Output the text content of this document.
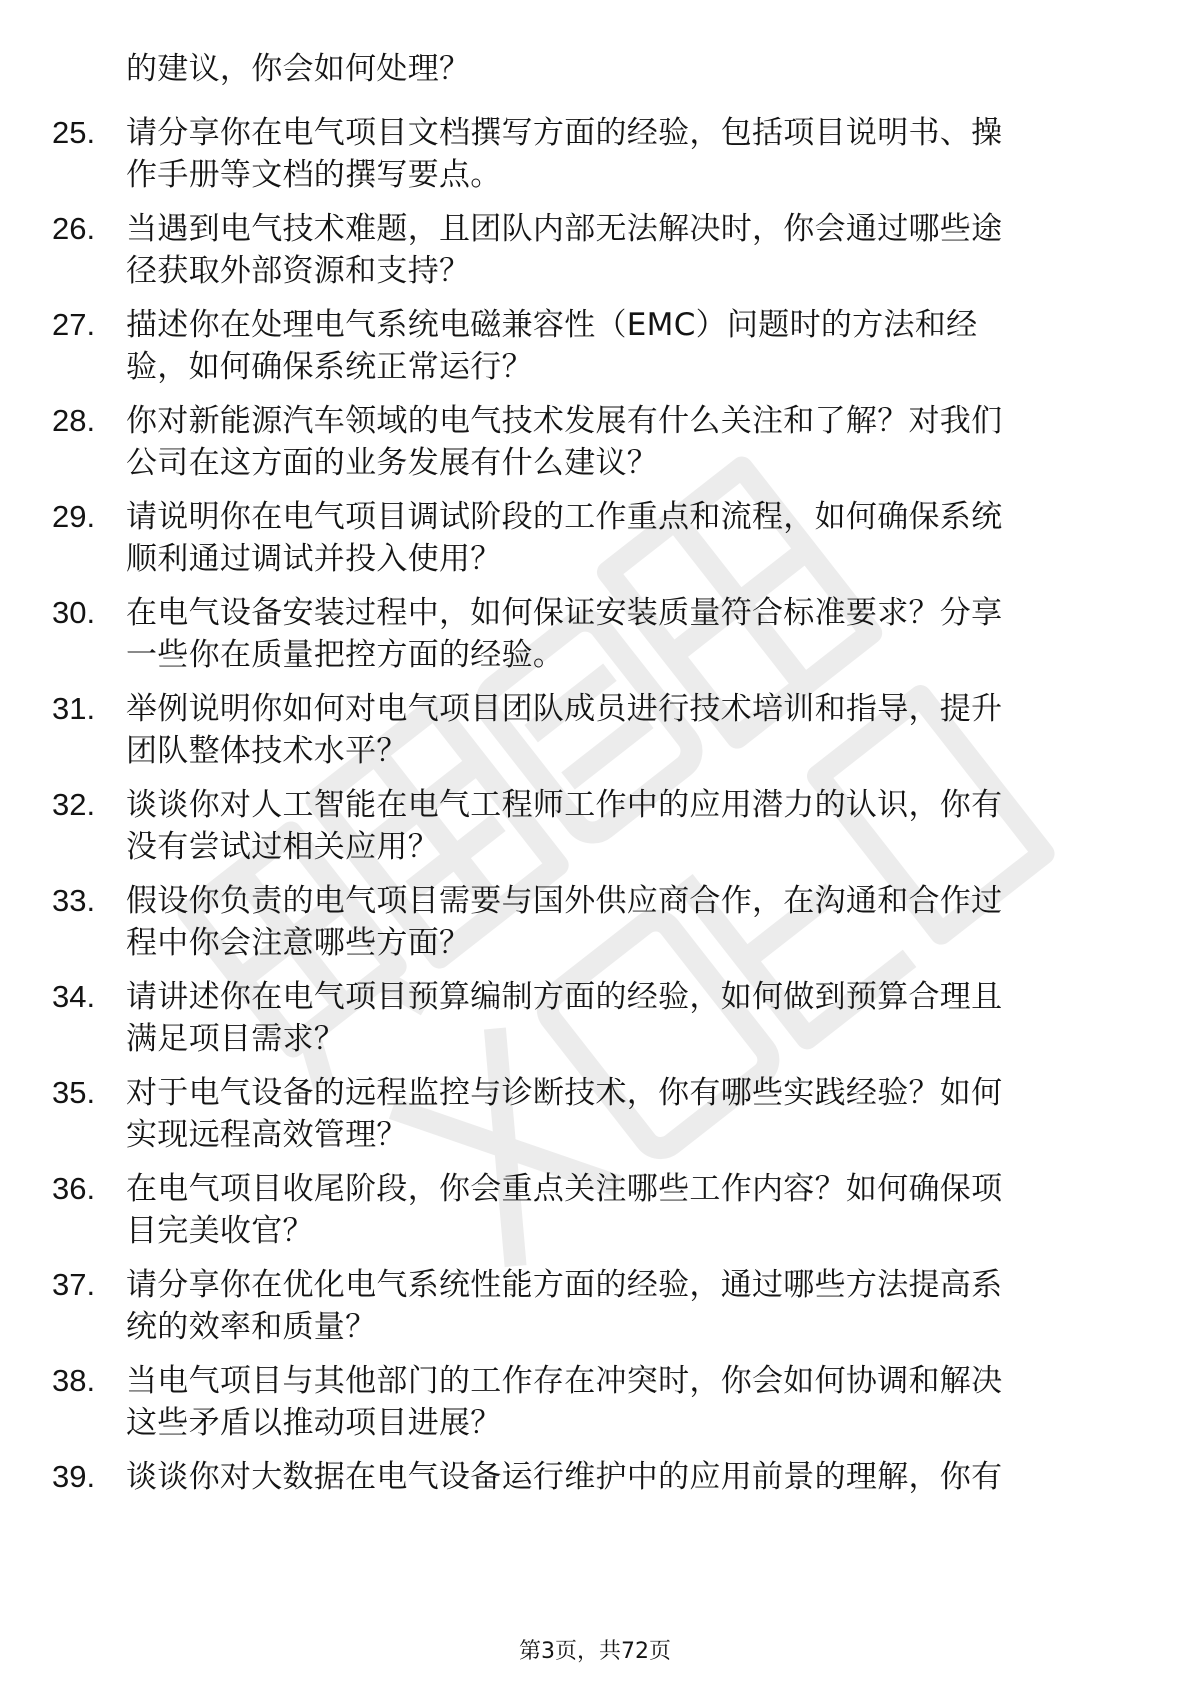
的建议，你会如何处理？
25. 请分享你在电气项目文档撰写方面的经验，包括项目说明书、操
作手册等文档的撰写要点。
26. 当遇到电气技术难题，且团队内部无法解决时，你会通过哪些途
径获取外部资源和支持？
27. 描述你在处理电气系统电磁兼容性（EMC）问题时的方法和经
验，如何确保系统正常运行？
28. 你对新能源汽车领域的电气技术发展有什么关注和了解？对我们
公司在这方面的业务发展有什么建议？
29. 请说明你在电气项目调试阶段的工作重点和流程，如何确保系统
顺利通过调试并投入使用？
30. 在电气设备安装过程中，如何保证安装质量符合标准要求？分享
一些你在质量把控方面的经验。
31. 举例说明你如何对电气项目团队成员进行技术培训和指导，提升
团队整体技术水平？
32. 谈谈你对人工智能在电气工程师工作中的应用潜力的认识，你有
没有尝试过相关应用？
33. 假设你负责的电气项目需要与国外供应商合作，在沟通和合作过
程中你会注意哪些方面？
34. 请讲述你在电气项目预算编制方面的经验，如何做到预算合理且
满足项目需求？
35. 对于电气设备的远程监控与诊断技术，你有哪些实践经验？如何
实现远程高效管理？
36. 在电气项目收尾阶段，你会重点关注哪些工作内容？如何确保项
目完美收官？
37. 请分享你在优化电气系统性能方面的经验，通过哪些方法提高系
统的效率和质量？
38. 当电气项目与其他部门的工作存在冲突时，你会如何协调和解决
这些矛盾以推动项目进展？
39. 谈谈你对大数据在电气设备运行维护中的应用前景的理解，你有
第3页，共72页
